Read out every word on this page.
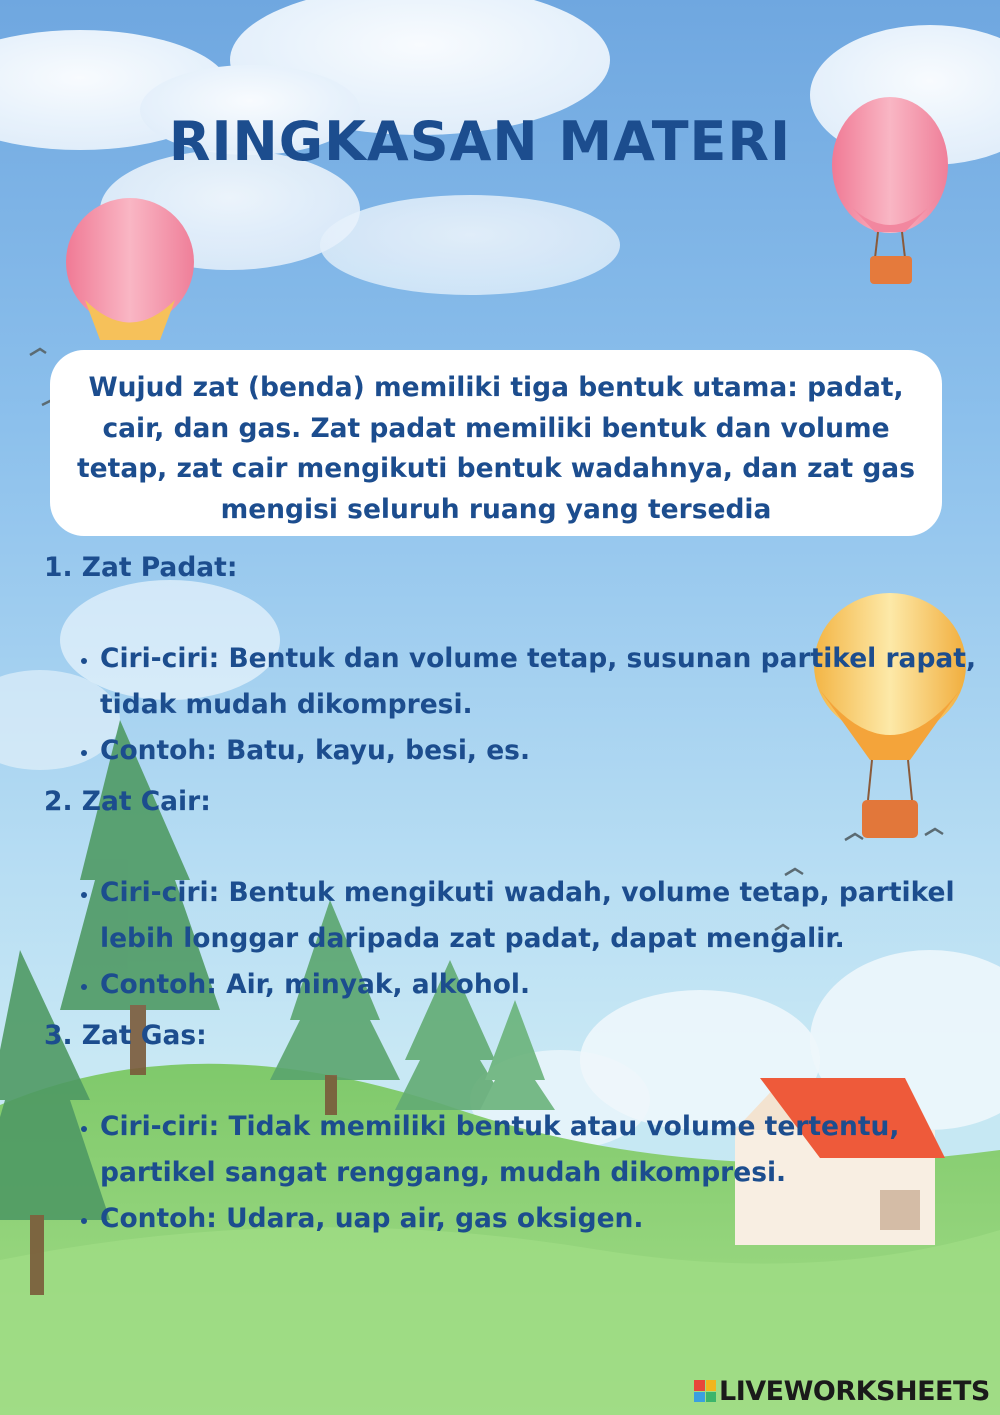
RINGKASAN MATERI
Wujud zat (benda) memiliki tiga bentuk utama: padat, cair, dan gas. Zat padat memiliki bentuk dan volume tetap, zat cair mengikuti bentuk wadahnya, dan zat gas mengisi seluruh ruang yang tersedia

1. Zat Padat:

• Ciri-ciri: Bentuk dan volume tetap, susunan partikel rapat, tidak mudah dikompresi.
• Contoh: Batu, kayu, besi, es.

2. Zat Cair:

• Ciri-ciri: Bentuk mengikuti wadah, volume tetap, partikel lebih longgar daripada zat padat, dapat mengalir.
• Contoh: Air, minyak, alkohol.

3. Zat Gas:

• Ciri-ciri: Tidak memiliki bentuk atau volume tertentu, partikel sangat renggang, mudah dikompresi.
• Contoh: Udara, uap air, gas oksigen.
LIVEWORKSHEETS
